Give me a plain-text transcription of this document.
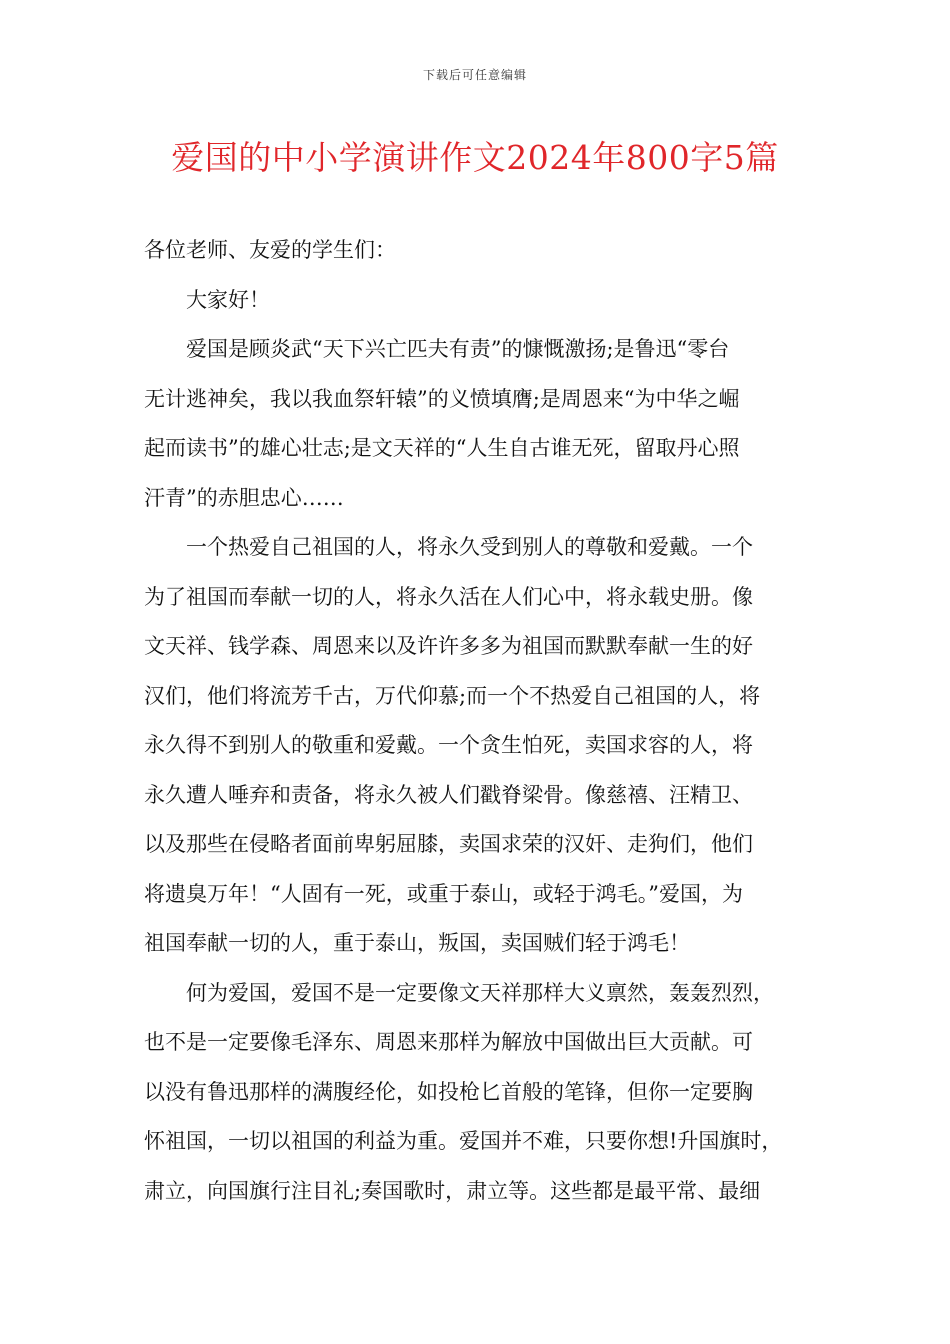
下载后可任意编辑
爱国的中小学演讲作文2024年800字5篇
各位老师、友爱的学生们：
　　大家好！
　　爱国是顾炎武“天下兴亡匹夫有责”的慷慨激扬;是鲁迅“零台
无计逃神矣，我以我血祭轩辕”的义愤填膺;是周恩来“为中华之崛
起而读书”的雄心壮志;是文天祥的“人生自古谁无死，留取丹心照
汗青”的赤胆忠心……
　　一个热爱自己祖国的人，将永久受到别人的尊敬和爱戴。一个
为了祖国而奉献一切的人，将永久活在人们心中，将永载史册。像
文天祥、钱学森、周恩来以及许许多多为祖国而默默奉献一生的好
汉们，他们将流芳千古，万代仰慕;而一个不热爱自己祖国的人，将
永久得不到别人的敬重和爱戴。一个贪生怕死，卖国求容的人，将
永久遭人唾弃和责备，将永久被人们戳脊梁骨。像慈禧、汪精卫、
以及那些在侵略者面前卑躬屈膝，卖国求荣的汉奸、走狗们，他们
将遗臭万年！“人固有一死，或重于泰山，或轻于鸿毛。”爱国，为
祖国奉献一切的人，重于泰山，叛国，卖国贼们轻于鸿毛！
　　何为爱国，爱国不是一定要像文天祥那样大义禀然，轰轰烈烈，
也不是一定要像毛泽东、周恩来那样为解放中国做出巨大贡献。可
以没有鲁迅那样的满腹经伦，如投枪匕首般的笔锋，但你一定要胸
怀祖国，一切以祖国的利益为重。爱国并不难，只要你想!升国旗时，
肃立，向国旗行注目礼;奏国歌时，肃立等。这些都是最平常、最细
